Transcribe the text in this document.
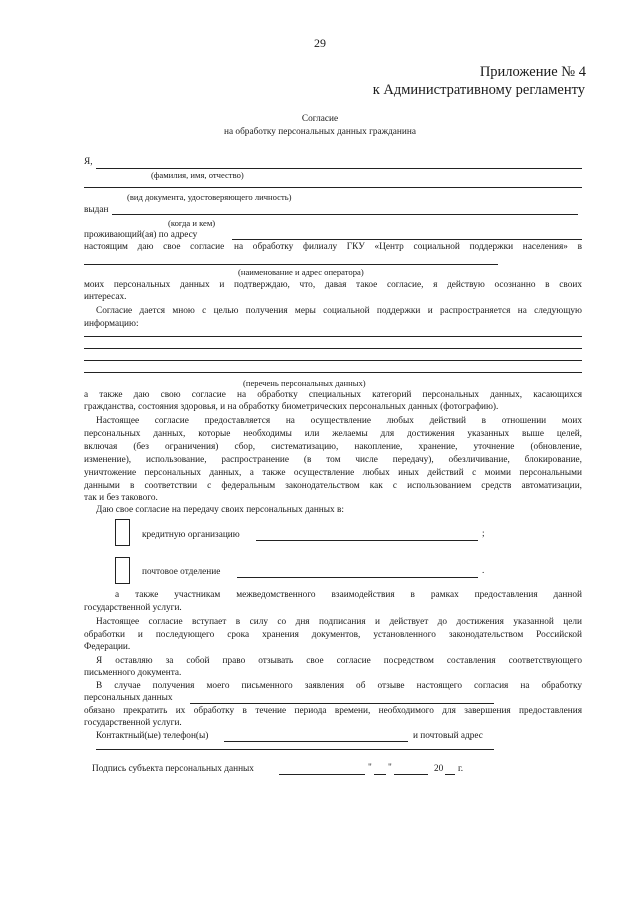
29
Приложение № 4
к Административному регламенту
Согласие
на обработку персональных данных гражданина
Я,
(фамилия, имя, отчество)
(вид документа, удостоверяющего личность)
выдан
(когда и кем)
проживающий(ая) по адресу
настоящим даю свое согласие на обработку филиалу ГКУ «Центр социальной поддержки населения» в
(наименование и адрес оператора)
моих персональных данных и подтверждаю, что, давая такое согласие, я действую осознанно в своих
интересах.
Согласие дается мною с целью получения меры социальной поддержки и распространяется на следующую
информацию:
(перечень персональных данных)
а также даю свою согласие на обработку специальных категорий персональных данных, касающихся
гражданства, состояния здоровья, и на обработку биометрических персональных данных (фотографию).
Настоящее согласие предоставляется на осуществление любых действий в отношении моих
персональных данных, которые необходимы или желаемы для достижения указанных выше целей,
включая (без ограничения) сбор, систематизацию, накопление, хранение, уточнение (обновление,
изменение), использование, распространение (в том числе передачу), обезличивание, блокирование,
уничтожение персональных данных, а также осуществление любых иных действий с моими персональными
данными в соответствии с федеральным законодательством как с использованием средств автоматизации,
так и без такового.
Даю свое согласие на передачу своих персональных данных в:
кредитную организацию	;
почтовое отделение	.
а также участникам межведомственного взаимодействия в рамках предоставления данной
государственной услуги.
Настоящее согласие вступает в силу со дня подписания и действует до достижения указанной цели
обработки и последующего срока хранения документов, установленного законодательством Российской
Федерации.
Я оставляю за собой право отзывать свое согласие посредством составления соответствующего
письменного документа.
В случае получения моего письменного заявления об отзыве настоящего согласия на обработку
персональных данных
обязано прекратить их обработку в течение периода времени, необходимого для завершения предоставления
государственной услуги.
Контактный(ые) телефон(ы)	и почтовый адрес
Подпись субъекта персональных данных	" "	20 г.
